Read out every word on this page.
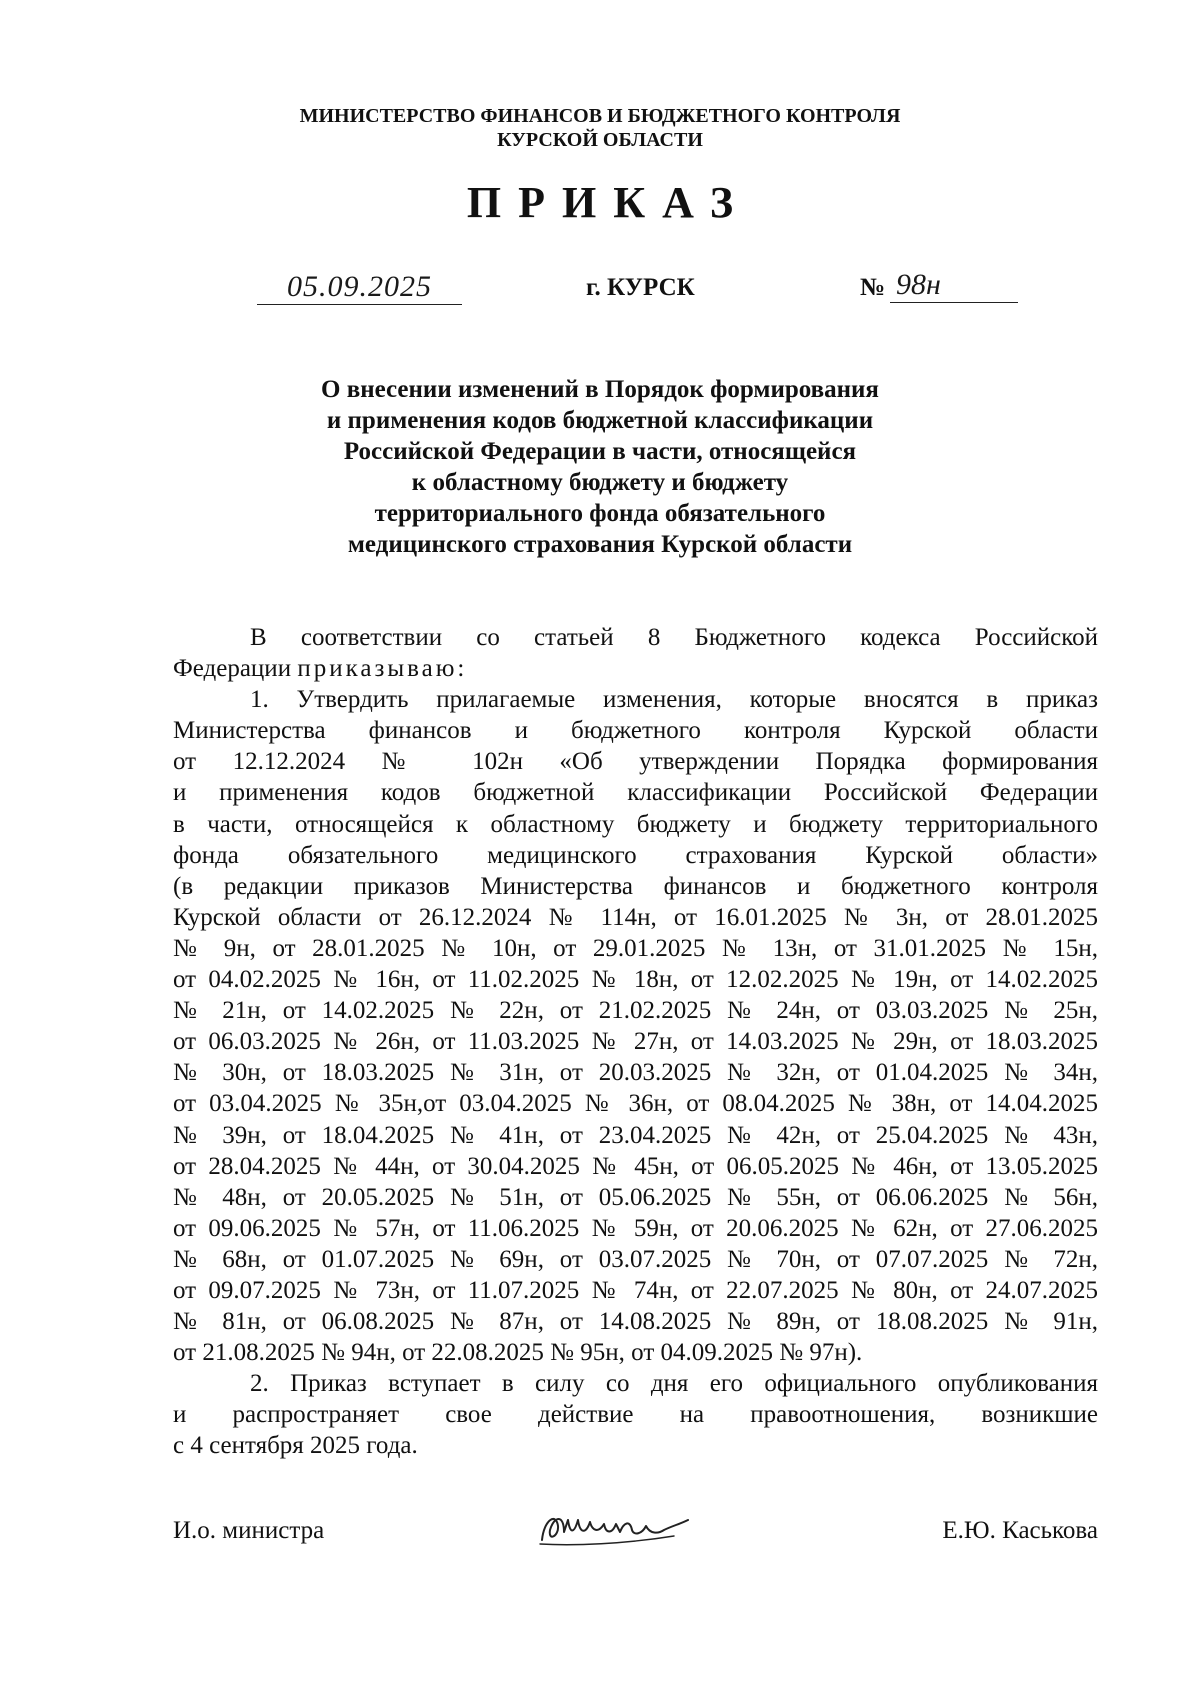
МИНИСТЕРСТВО ФИНАНСОВ И БЮДЖЕТНОГО КОНТРОЛЯ
КУРСКОЙ ОБЛАСТИ
ПРИКАЗ
05.09.2025	г. КУРСК	№ 98н
О внесении изменений в Порядок формирования
и применения кодов бюджетной классификации
Российской Федерации в части, относящейся
к областному бюджету и бюджету
территориального фонда обязательного
медицинского страхования Курской области
В соответствии со статьей 8 Бюджетного кодекса Российской
Федерации приказываю:
1. Утвердить прилагаемые изменения, которые вносятся в приказ
Министерства финансов и бюджетного контроля Курской области
от 12.12.2024 № 102н «Об утверждении Порядка формирования
и применения кодов бюджетной классификации Российской Федерации
в части, относящейся к областному бюджету и бюджету территориального
фонда обязательного медицинского страхования Курской области»
(в редакции приказов Министерства финансов и бюджетного контроля
Курской области от 26.12.2024 № 114н, от 16.01.2025 № 3н, от 28.01.2025
№ 9н, от 28.01.2025 № 10н, от 29.01.2025 № 13н, от 31.01.2025 № 15н,
от 04.02.2025 № 16н, от 11.02.2025 № 18н, от 12.02.2025 № 19н, от 14.02.2025
№ 21н, от 14.02.2025 № 22н, от 21.02.2025 № 24н, от 03.03.2025 № 25н,
от 06.03.2025 № 26н, от 11.03.2025 № 27н, от 14.03.2025 № 29н, от 18.03.2025
№ 30н, от 18.03.2025 № 31н, от 20.03.2025 № 32н, от 01.04.2025 № 34н,
от 03.04.2025 № 35н,от 03.04.2025 № 36н, от 08.04.2025 № 38н, от 14.04.2025
№ 39н, от 18.04.2025 № 41н, от 23.04.2025 № 42н, от 25.04.2025 № 43н,
от 28.04.2025 № 44н, от 30.04.2025 № 45н, от 06.05.2025 № 46н, от 13.05.2025
№ 48н, от 20.05.2025 № 51н, от 05.06.2025 № 55н, от 06.06.2025 № 56н,
от 09.06.2025 № 57н, от 11.06.2025 № 59н, от 20.06.2025 № 62н, от 27.06.2025
№ 68н, от 01.07.2025 № 69н, от 03.07.2025 № 70н, от 07.07.2025 № 72н,
от 09.07.2025 № 73н, от 11.07.2025 № 74н, от 22.07.2025 № 80н, от 24.07.2025
№ 81н, от 06.08.2025 № 87н, от 14.08.2025 № 89н, от 18.08.2025 № 91н,
от 21.08.2025 № 94н, от 22.08.2025 № 95н, от 04.09.2025 № 97н).
2. Приказ вступает в силу со дня его официального опубликования
и распространяет свое действие на правоотношения, возникшие
с 4 сентября 2025 года.
И.о. министра	Е.Ю. Каськова
